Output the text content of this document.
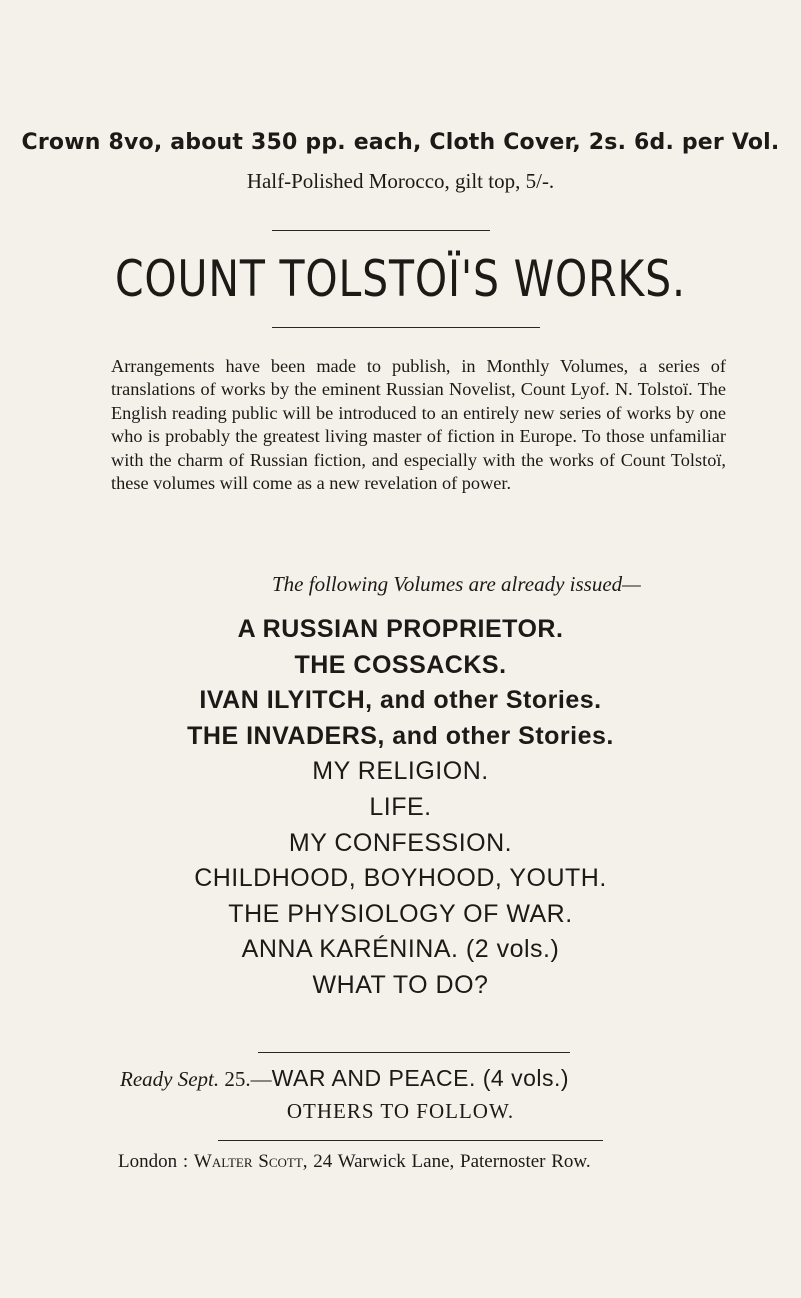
Crown 8vo, about 350 pp. each, Cloth Cover, 2s. 6d. per Vol.
Half-Polished Morocco, gilt top, 5/-.
COUNT TOLSTOÏ'S WORKS.
Arrangements have been made to publish, in Monthly Volumes, a series of translations of works by the eminent Russian Novelist, Count Lyof. N. Tolstoï. The English reading public will be introduced to an entirely new series of works by one who is probably the greatest living master of fiction in Europe. To those unfamiliar with the charm of Russian fiction, and especially with the works of Count Tolstoï, these volumes will come as a new revelation of power.
The following Volumes are already issued—
A RUSSIAN PROPRIETOR.
THE COSSACKS.
IVAN ILYITCH, and other Stories.
THE INVADERS, and other Stories.
MY RELIGION.
LIFE.
MY CONFESSION.
CHILDHOOD, BOYHOOD, YOUTH.
THE PHYSIOLOGY OF WAR.
ANNA KARÉNINA. (2 vols.)
WHAT TO DO?
Ready Sept. 25.—WAR AND PEACE. (4 vols.)
OTHERS TO FOLLOW.
London : Walter Scott, 24 Warwick Lane, Paternoster Row.
